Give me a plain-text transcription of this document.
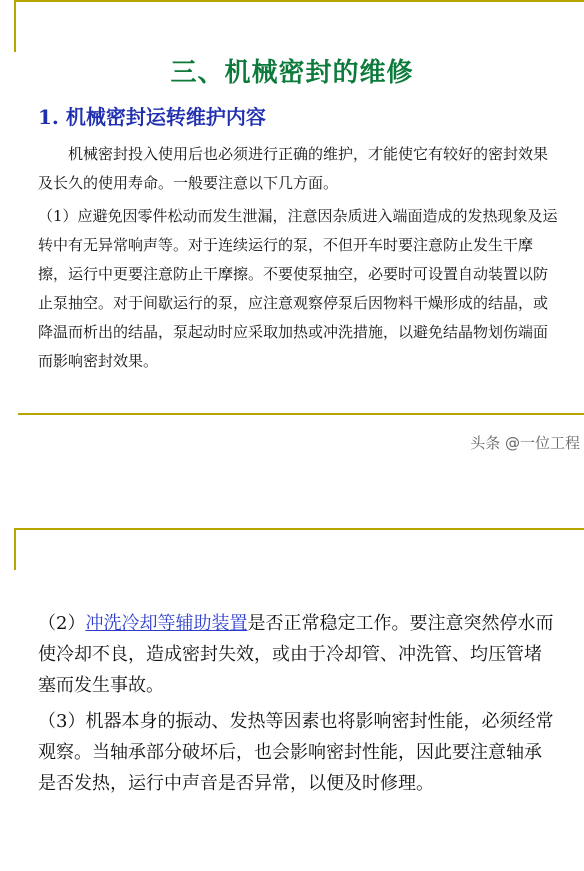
三、机械密封的维修
1. 机械密封运转维护内容

机械密封投入使用后也必须进行正确的维护，才能使它有较好的密封效果及长久的使用寿命。一般要注意以下几方面。

（1）应避免因零件松动而发生泄漏，注意因杂质进入端面造成的发热现象及运转中有无异常响声等。对于连续运行的泵，不但开车时要注意防止发生干摩擦，运行中更要注意防止干摩擦。不要使泵抽空，必要时可设置自动装置以防止泵抽空。对于间歇运行的泵，应注意观察停泵后因物料干燥形成的结晶，或降温而析出的结晶，泵起动时应采取加热或冲洗措施，以避免结晶物划伤端面而影响密封效果。

头条 @一位工程

（2）冲洗冷却等辅助装置是否正常稳定工作。要注意突然停水而使冷却不良，造成密封失效，或由于冷却管、冲洗管、均压管堵塞而发生事故。

（3）机器本身的振动、发热等因素也将影响密封性能，必须经常观察。当轴承部分破坏后，也会影响密封性能，因此要注意轴承是否发热，运行中声音是否异常，以便及时修理。
